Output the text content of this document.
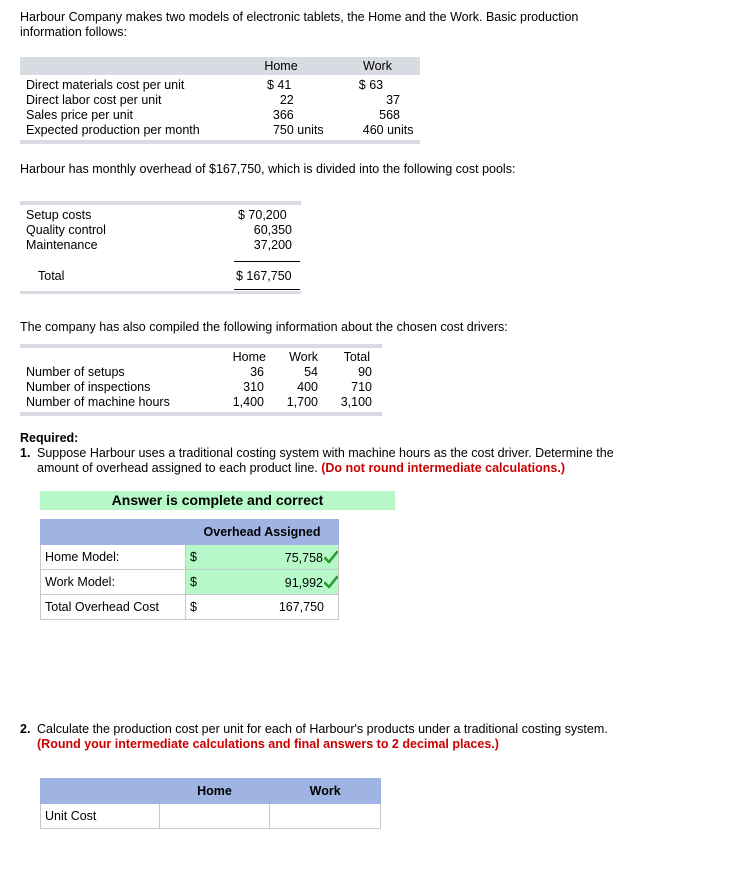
Harbour Company makes two models of electronic tablets, the Home and the Work. Basic production

information follows:

Home	Work
Direct materials cost per unit	$ 41		$ 63
Direct labor cost per unit	22		37
Sales price per unit	366		568
Expected production per month	750 units		460 units

Harbour has monthly overhead of $167,750, which is divided into the following cost pools:

Setup costs	$ 70,200
Quality control	60,350
Maintenance	37,200
Total	$ 167,750

The company has also compiled the following information about the chosen cost drivers:

	Home	Work	Total
Number of setups	36	54	90
Number of inspections	310	400	710
Number of machine hours	1,400	1,700	3,100

Required:

1. Suppose Harbour uses a traditional costing system with machine hours as the cost driver. Determine the

amount of overhead assigned to each product line. (Do not round intermediate calculations.)

Answer is complete and correct
	Overhead Assigned	
Home Model:	$	75,758
Work Model:	$	91,992
Total Overhead Cost	$	167,750
2. Calculate the production cost per unit for each of Harbour's products under a traditional costing system.

(Round your intermediate calculations and final answers to 2 decimal places.)

	Home	Work
Unit Cost		
